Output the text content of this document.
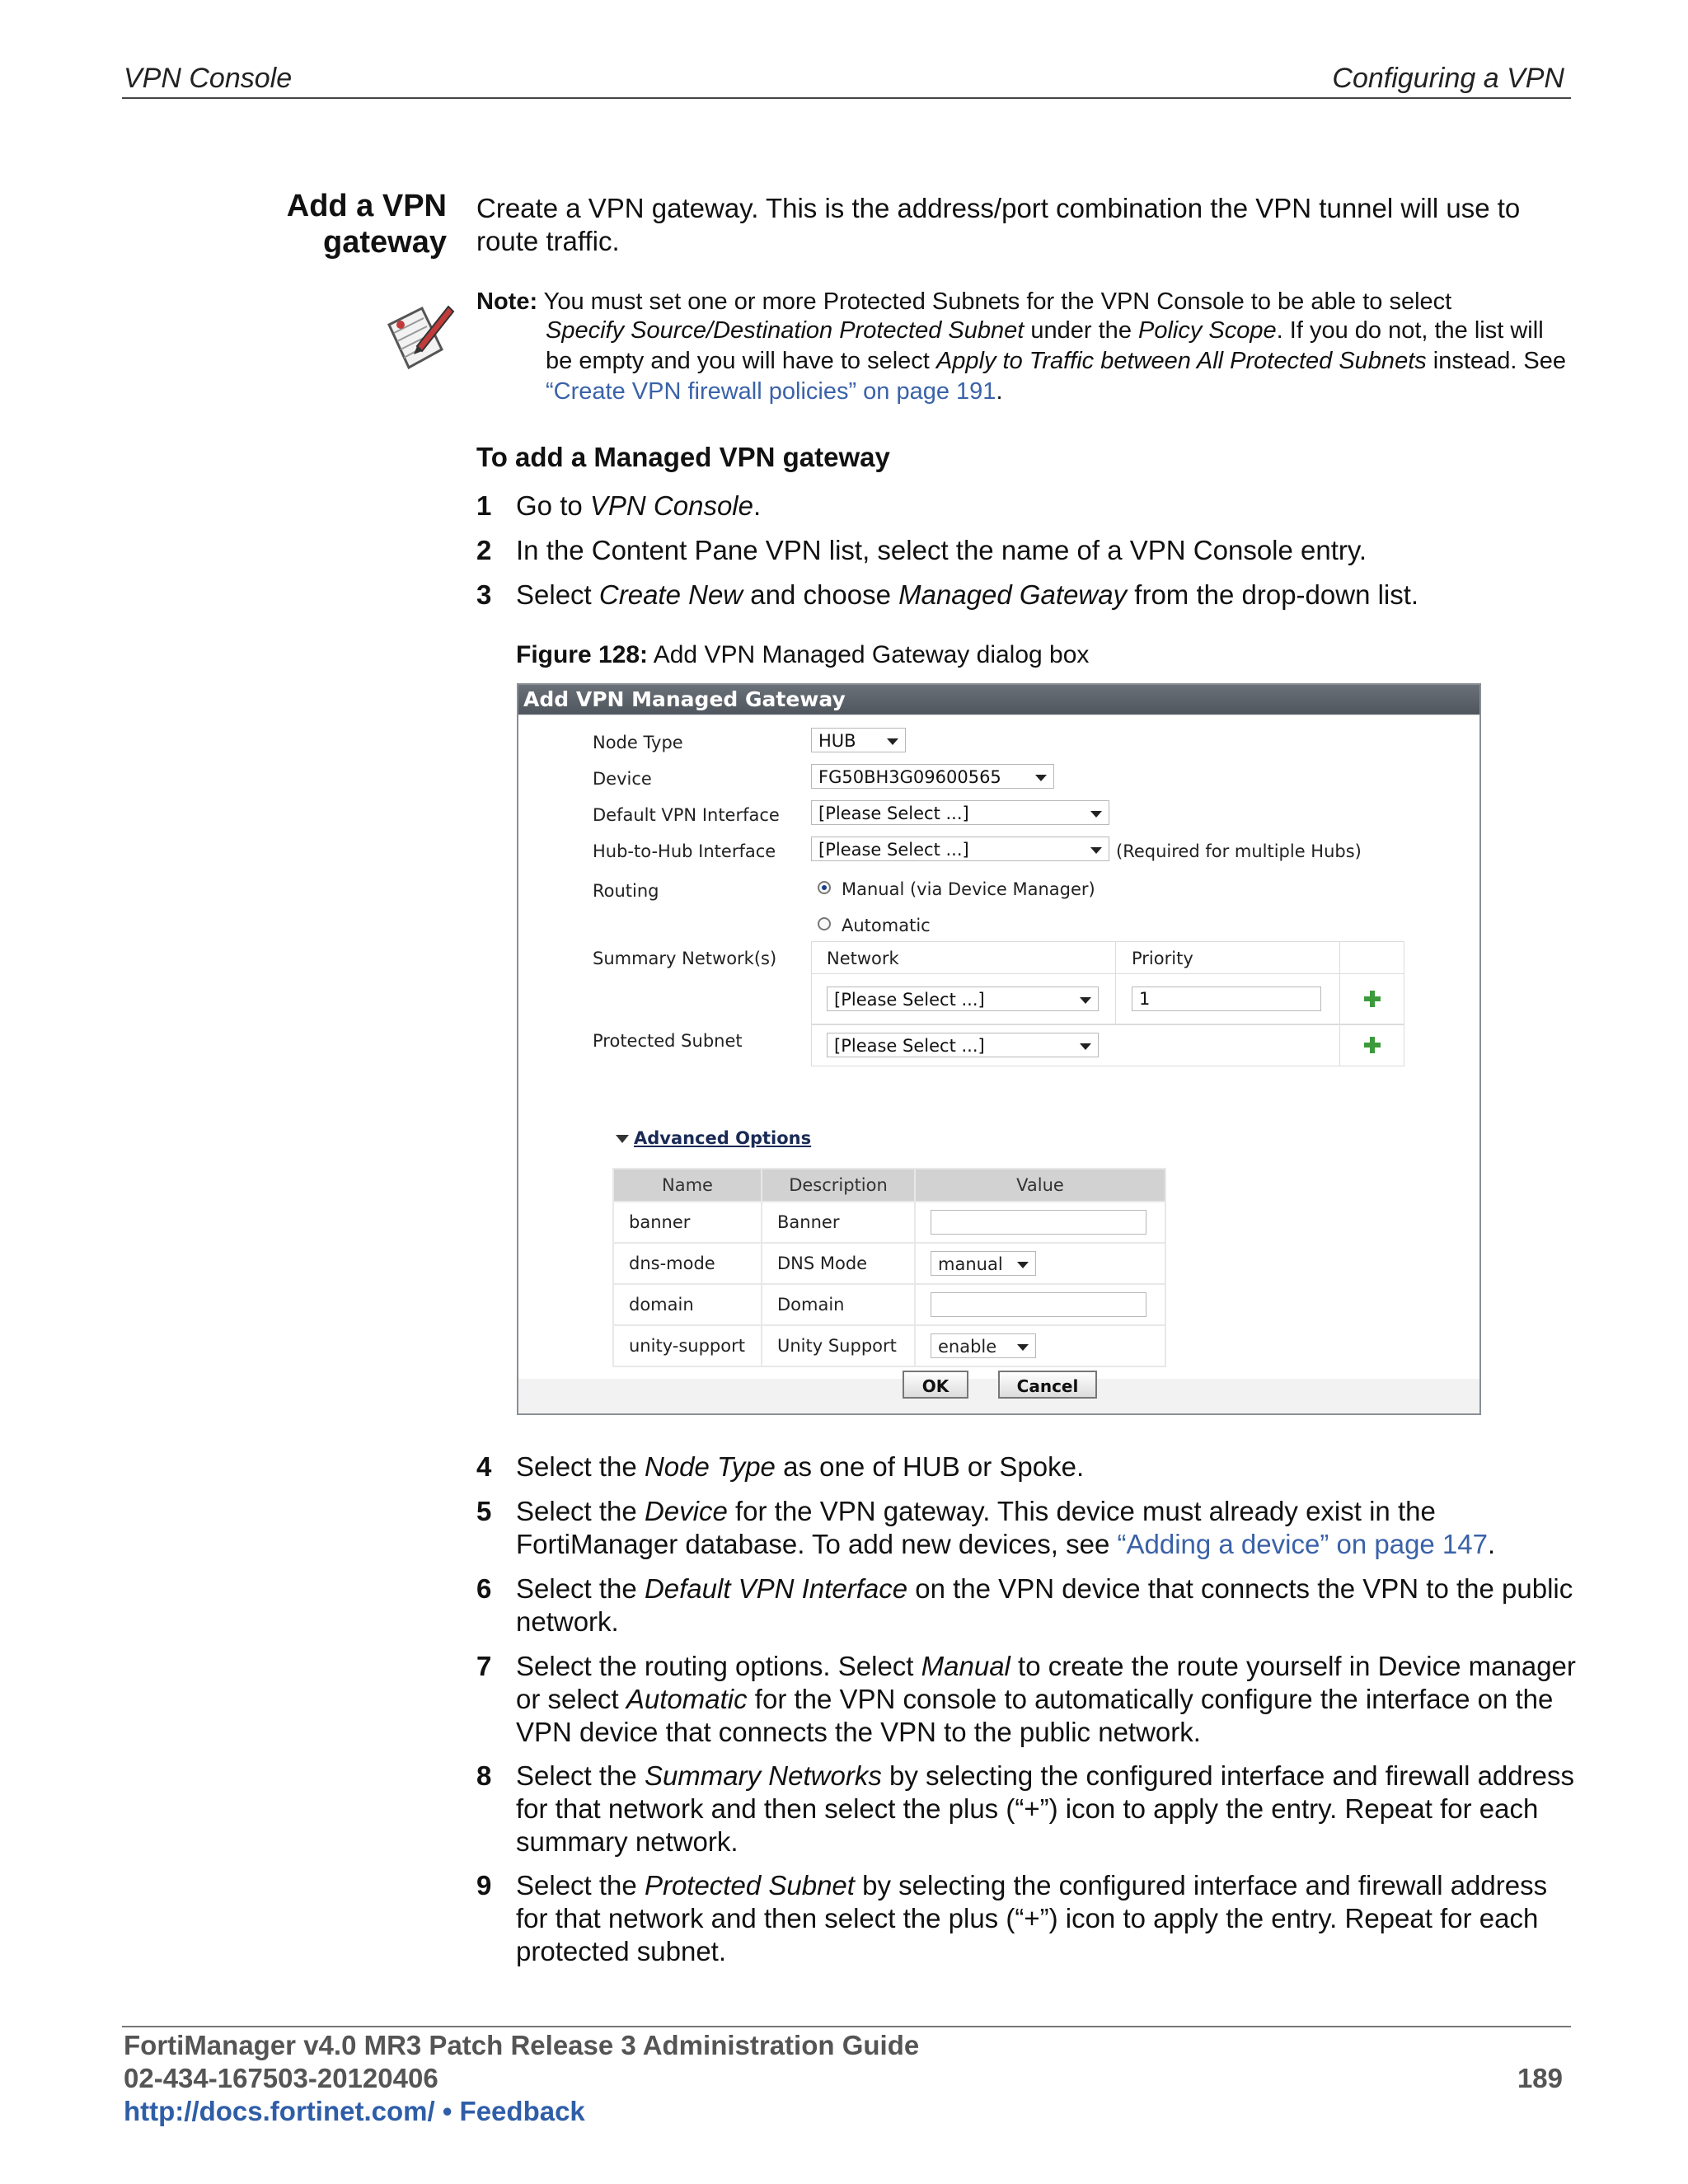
VPN Console	Configuring a VPN
Add a VPN
gateway
Create a VPN gateway. This is the address/port combination the VPN tunnel will use to route traffic.
Note: You must set one or more Protected Subnets for the VPN Console to be able to select
Specify Source/Destination Protected Subnet under the Policy Scope. If you do not, the list will be empty and you will have to select Apply to Traffic between All Protected Subnets instead. See “Create VPN firewall policies” on page 191.
To add a Managed VPN gateway
1 Go to VPN Console.
2 In the Content Pane VPN list, select the name of a VPN Console entry.
3 Select Create New and choose Managed Gateway from the drop-down list.
Figure 128: Add VPN Managed Gateway dialog box
Add VPN Managed Gateway
Node Type	HUB
Device	FG50BH3G09600565
Default VPN Interface	[Please Select ...]
Hub-to-Hub Interface	[Please Select ...]	(Required for multiple Hubs)
Routing	Manual (via Device Manager)
Automatic
Summary Network(s)	Network	Priority
[Please Select ...]	1
Protected Subnet	[Please Select ...]
Advanced Options
Name	Description	Value
banner	Banner	

dns-mode	DNS Mode	manual

domain	Domain	

unity-support	Unity Support	enable
OK	Cancel
4 Select the Node Type as one of HUB or Spoke.
5 Select the Device for the VPN gateway. This device must already exist in the FortiManager database. To add new devices, see “Adding a device” on page 147.
6 Select the Default VPN Interface on the VPN device that connects the VPN to the public network.
7 Select the routing options. Select Manual to create the route yourself in Device manager or select Automatic for the VPN console to automatically configure the interface on the VPN device that connects the VPN to the public network.
8 Select the Summary Networks by selecting the configured interface and firewall address for that network and then select the plus (“+”) icon to apply the entry. Repeat for each summary network.
9 Select the Protected Subnet by selecting the configured interface and firewall address for that network and then select the plus (“+”) icon to apply the entry. Repeat for each protected subnet.
FortiManager v4.0 MR3 Patch Release 3 Administration Guide
02-434-167503-20120406
http://docs.fortinet.com/ • Feedback
189
